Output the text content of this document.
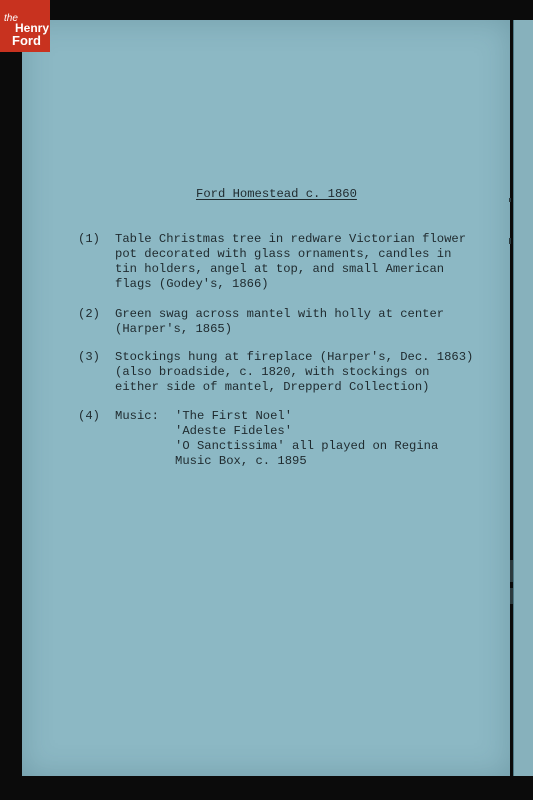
the
Henry
Ford
Ford Homestead c. 1860
(1) Table Christmas tree in redware Victorian flower
pot decorated with glass ornaments, candles in
tin holders, angel at top, and small American
flags (Godey's, 1866)
(2) Green swag across mantel with holly at center
(Harper's, 1865)
(3) Stockings hung at fireplace (Harper's, Dec. 1863)
(also broadside, c. 1820, with stockings on
either side of mantel, Drepperd Collection)
(4) Music: 'The First Noel'
'Adeste Fideles'
'O Sanctissima' all played on Regina
Music Box, c. 1895
